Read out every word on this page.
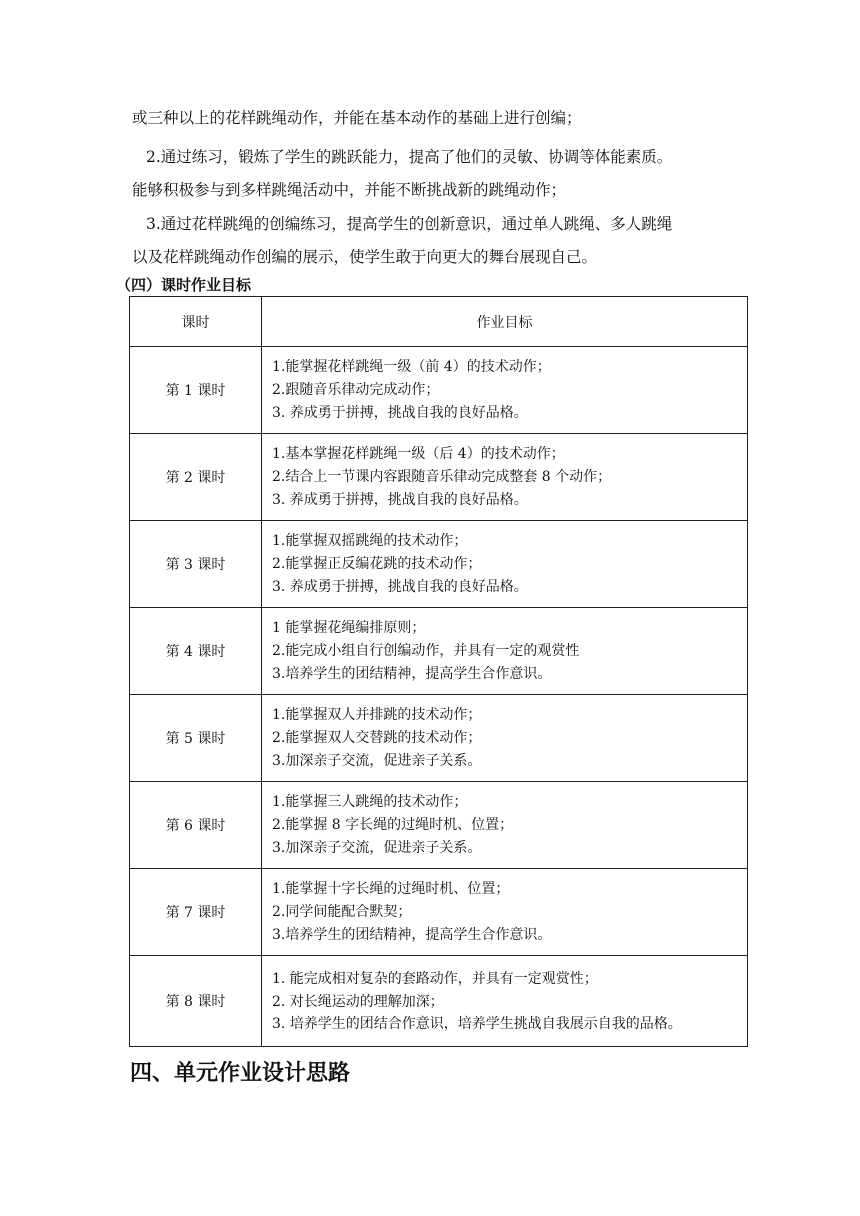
或三种以上的花样跳绳动作，并能在基本动作的基础上进行创编；
2.通过练习，锻炼了学生的跳跃能力，提高了他们的灵敏、协调等体能素质。
能够积极参与到多样跳绳活动中，并能不断挑战新的跳绳动作；
3.通过花样跳绳的创编练习，提高学生的创新意识，通过单人跳绳、多人跳绳
以及花样跳绳动作创编的展示，使学生敢于向更大的舞台展现自己。
（四）课时作业目标
课时	作业目标
第 1 课时	1.能掌握花样跳绳一级（前 4）的技术动作；
2.跟随音乐律动完成动作；
3. 养成勇于拼搏，挑战自我的良好品格。

第 2 课时	1.基本掌握花样跳绳一级（后 4）的技术动作；
2.结合上一节课内容跟随音乐律动完成整套 8 个动作；
3. 养成勇于拼搏，挑战自我的良好品格。

第 3 课时	1.能掌握双摇跳绳的技术动作；
2.能掌握正反编花跳的技术动作；
3. 养成勇于拼搏，挑战自我的良好品格。

第 4 课时	1 能掌握花绳编排原则；
2.能完成小组自行创编动作，并具有一定的观赏性
3.培养学生的团结精神，提高学生合作意识。

第 5 课时	1.能掌握双人并排跳的技术动作；
2.能掌握双人交替跳的技术动作；
3.加深亲子交流，促进亲子关系。

第 6 课时	1.能掌握三人跳绳的技术动作；
2.能掌握 8 字长绳的过绳时机、位置；
3.加深亲子交流，促进亲子关系。

第 7 课时	1.能掌握十字长绳的过绳时机、位置；
2.同学间能配合默契；
3.培养学生的团结精神，提高学生合作意识。

第 8 课时	1. 能完成相对复杂的套路动作，并具有一定观赏性；
2. 对长绳运动的理解加深；
3. 培养学生的团结合作意识，培养学生挑战自我展示自我的品格。
四、单元作业设计思路
